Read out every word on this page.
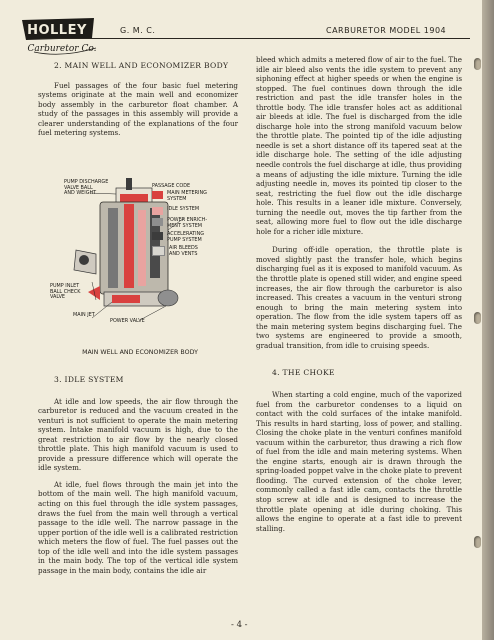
HOLLEY
Carburetor Co.
G. M. C.	CARBURETOR MODEL 1904

2. MAIN WELL AND ECONOMIZER BODY

Fuel passages of the four basic fuel metering systems originate at the main well and economizer body assembly in the carburetor float chamber. A study of the passages in this assembly will provide a clearer understanding of the explanations of the four fuel metering systems.

PUMP DISCHARGE
VALVE BALL
AND WEIGHT
PUMP INLET
BALL CHECK
VALVE
MAIN JET
POWER VALVE
PASSAGE CODE
MAIN METERING
SYSTEM
IDLE SYSTEM
POWER ENRICH-
MENT SYSTEM
ACCELERATING
PUMP SYSTEM
AIR BLEEDS
AND VENTS
MAIN WELL AND ECONOMIZER BODY

3. IDLE SYSTEM

At idle and low speeds, the air flow through the carburetor is reduced and the vacuum created in the venturi is not sufficient to operate the main metering system. Intake manifold vacuum is high, due to the great restriction to air flow by the nearly closed throttle plate. This high manifold vacuum is used to provide a pressure difference which will operate the idle system.

At idle, fuel flows through the main jet into the bottom of the main well. The high manifold vacuum, acting on this fuel through the idle system passages, draws the fuel from the main well through a vertical passage to the idle well. The narrow passage in the upper portion of the idle well is a calibrated restriction which meters the flow of fuel. The fuel passes out the top of the idle well and into the idle system passages in the main body. The top of the vertical idle system passage in the main body, contains the idle air

bleed which admits a metered flow of air to the fuel. The idle air bleed also vents the idle system to prevent any siphoning effect at higher speeds or when the engine is stopped. The fuel continues down through the idle restriction and past the idle transfer holes in the throttle body. The idle transfer holes act as additional air bleeds at idle. The fuel is discharged from the idle discharge hole into the strong manifold vacuum below the throttle plate. The pointed tip of the idle adjusting needle is set a short distance off its tapered seat at the idle discharge hole. The setting of the idle adjusting needle controls the fuel discharge at idle, thus providing a means of adjusting the idle mixture. Turning the idle adjusting needle in, moves its pointed tip closer to the seat, restricting the fuel flow out the idle discharge hole. This results in a leaner idle mixture. Conversely, turning the needle out, moves the tip farther from the seat, allowing more fuel to flow out the idle discharge hole for a richer idle mixture.

During off-idle operation, the throttle plate is moved slightly past the transfer hole, which begins discharging fuel as it is exposed to manifold vacuum. As the throttle plate is opened still wider, and engine speed increases, the air flow through the carburetor is also increased. This creates a vacuum in the venturi strong enough to bring the main metering system into operation. The flow from the idle system tapers off as the main metering system begins discharging fuel. The two systems are engineered to provide a smooth, gradual transition, from idle to cruising speeds.

4. THE CHOKE

When starting a cold engine, much of the vaporized fuel from the carburetor condenses to a liquid on contact with the cold surfaces of the intake manifold. This results in hard starting, loss of power, and stalling. Closing the choke plate in the venturi confines manifold vacuum within the carburetor, thus drawing a rich flow of fuel from the idle and main metering systems. When the engine starts, enough air is drawn through the spring-loaded poppet valve in the choke plate to prevent flooding. The curved extension of the choke lever, commonly called a fast idle cam, contacts the throttle stop screw at idle and is designed to increase the throttle plate opening at idle during choking. This allows the engine to operate at a fast idle to prevent stalling.

- 4 -
